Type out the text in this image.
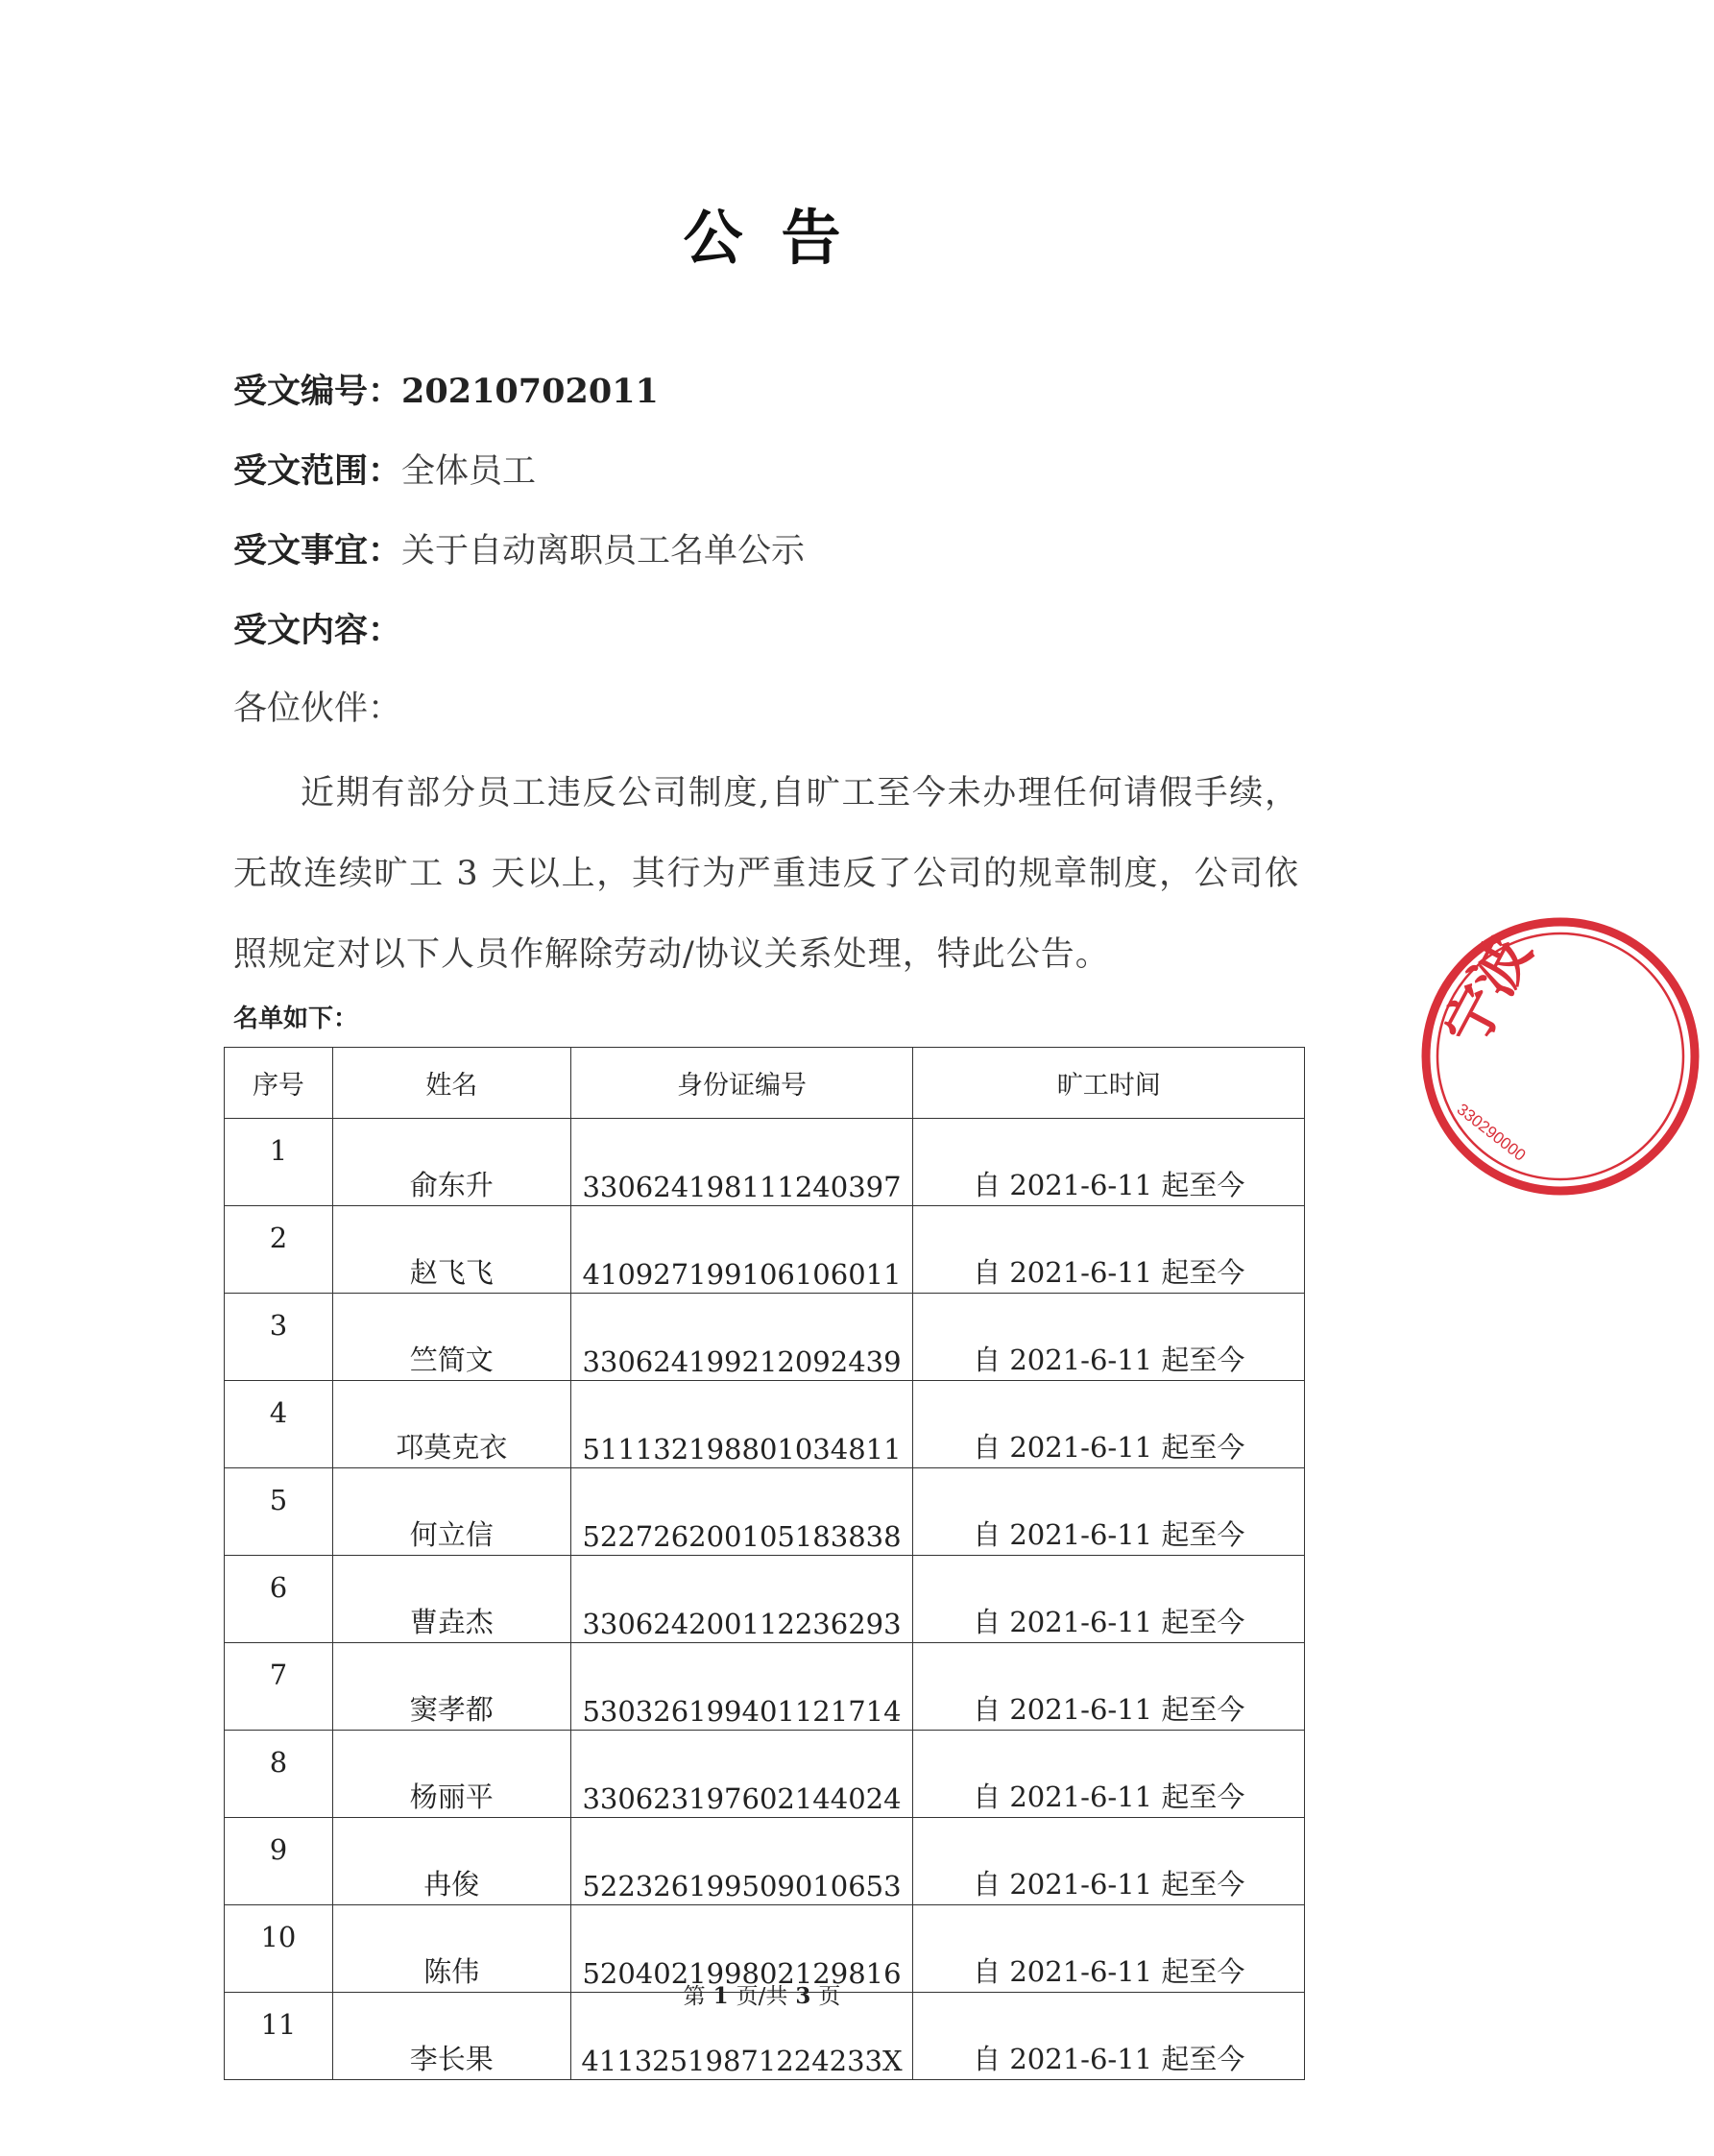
公告
受文编号：20210702011
受文范围：全体员工
受文事宜：关于自动离职员工名单公示
受文内容：
各位伙伴：
近期有部分员工违反公司制度,自旷工至今未办理任何请假手续，无故连续旷工 3 天以上，其行为严重违反了公司的规章制度，公司依照规定对以下人员作解除劳动/协议关系处理，特此公告。
名单如下：
序号	姓名	身份证编号	旷工时间
1	俞东升	330624198111240397	自 2021-6-11 起至今
2	赵飞飞	410927199106106011	自 2021-6-11 起至今
3	竺简文	330624199212092439	自 2021-6-11 起至今
4	邛莫克衣	511132198801034811	自 2021-6-11 起至今
5	何立信	522726200105183838	自 2021-6-11 起至今
6	曹垚杰	330624200112236293	自 2021-6-11 起至今
7	窦孝都	530326199401121714	自 2021-6-11 起至今
8	杨丽平	330623197602144024	自 2021-6-11 起至今
9	冉俊	522326199509010653	自 2021-6-11 起至今
10	陈伟	520402199802129816	自 2021-6-11 起至今
11	李长果	41132519871224233X	自 2021-6-11 起至今
第 1 页/共 3 页
宁波
330290000
